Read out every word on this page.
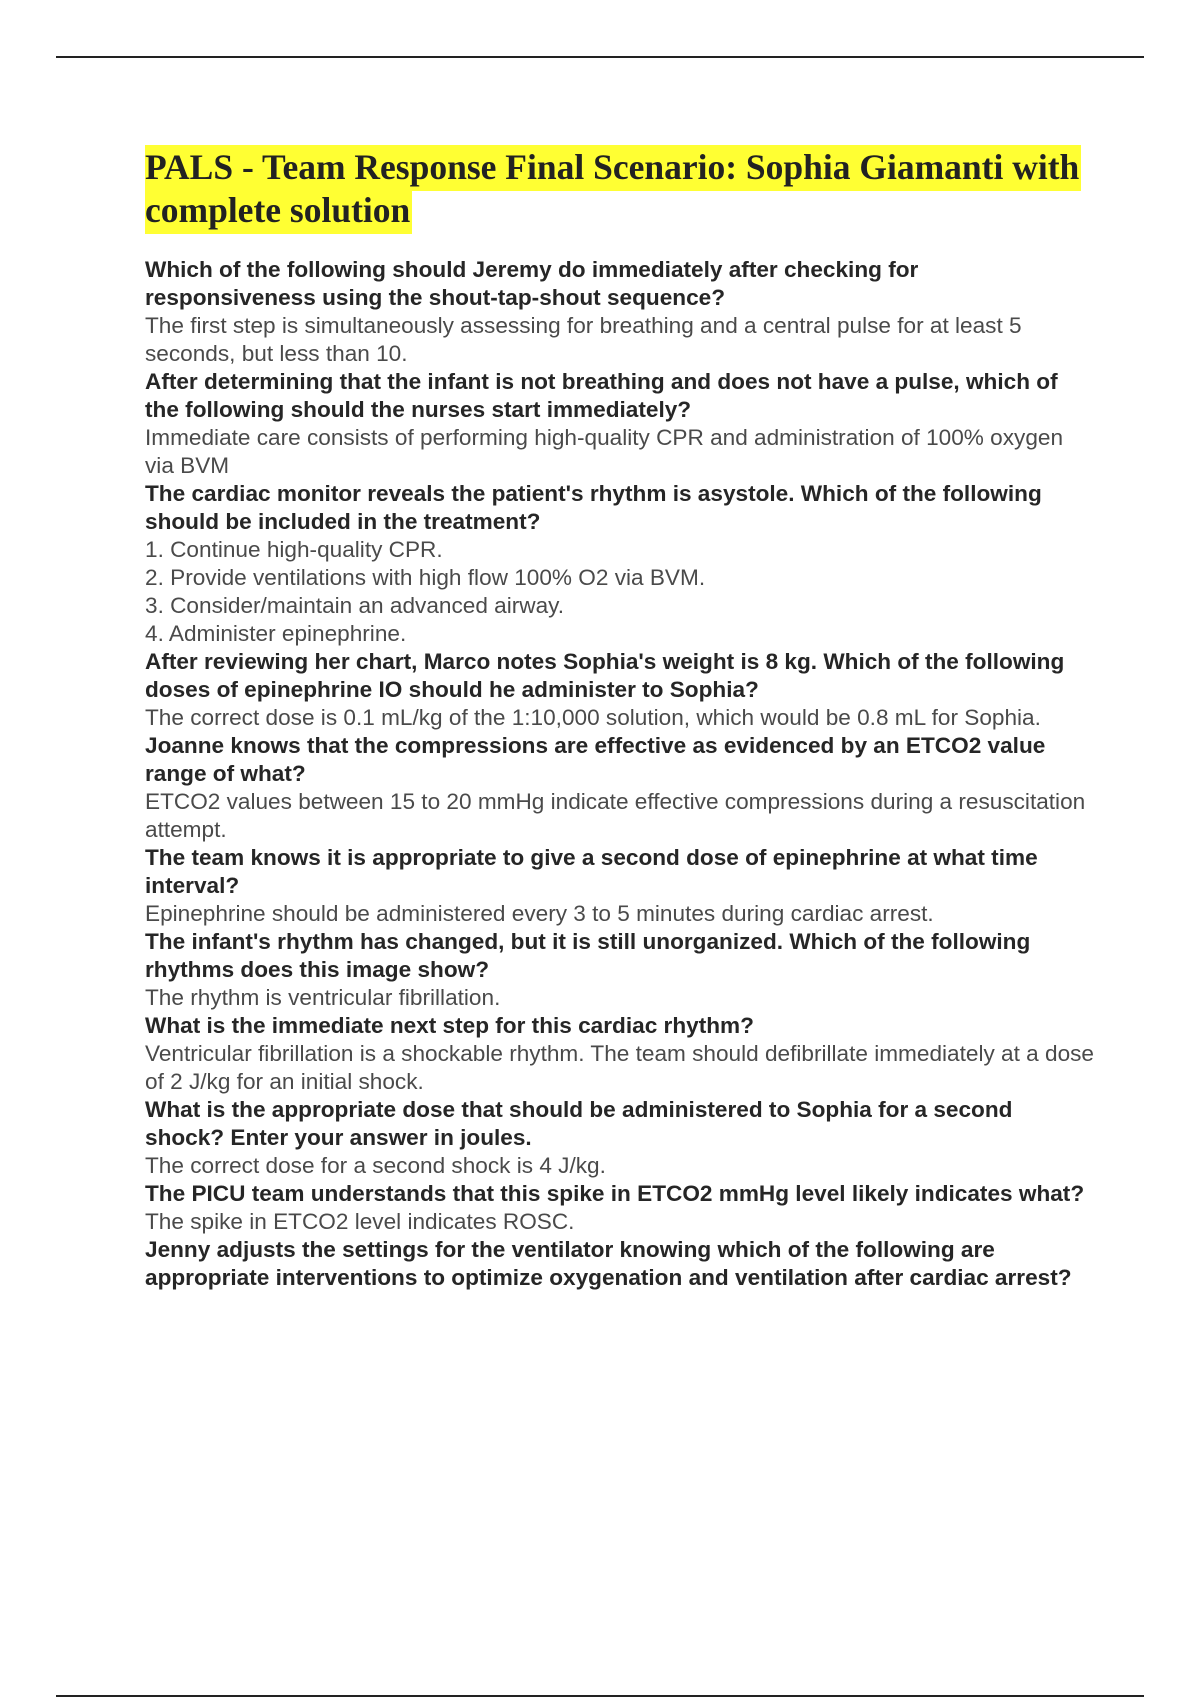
PALS - Team Response Final Scenario: Sophia Giamanti with complete solution

Which of the following should Jeremy do immediately after checking for responsiveness using the shout-tap-shout sequence?

The first step is simultaneously assessing for breathing and a central pulse for at least 5 seconds, but less than 10.

After determining that the infant is not breathing and does not have a pulse, which of the following should the nurses start immediately?

Immediate care consists of performing high-quality CPR and administration of 100% oxygen via BVM

The cardiac monitor reveals the patient's rhythm is asystole. Which of the following should be included in the treatment?

1. Continue high-quality CPR.
2. Provide ventilations with high flow 100% O2 via BVM.
3. Consider/maintain an advanced airway.
4. Administer epinephrine.

After reviewing her chart, Marco notes Sophia's weight is 8 kg. Which of the following doses of epinephrine IO should he administer to Sophia?

The correct dose is 0.1 mL/kg of the 1:10,000 solution, which would be 0.8 mL for Sophia.

Joanne knows that the compressions are effective as evidenced by an ETCO2 value range of what?

ETCO2 values between 15 to 20 mmHg indicate effective compressions during a resuscitation attempt.

The team knows it is appropriate to give a second dose of epinephrine at what time interval?

Epinephrine should be administered every 3 to 5 minutes during cardiac arrest.

The infant's rhythm has changed, but it is still unorganized. Which of the following rhythms does this image show?

The rhythm is ventricular fibrillation.

What is the immediate next step for this cardiac rhythm?

Ventricular fibrillation is a shockable rhythm. The team should defibrillate immediately at a dose of 2 J/kg for an initial shock.

What is the appropriate dose that should be administered to Sophia for a second shock? Enter your answer in joules.

The correct dose for a second shock is 4 J/kg.

The PICU team understands that this spike in ETCO2 mmHg level likely indicates what?

The spike in ETCO2 level indicates ROSC.

Jenny adjusts the settings for the ventilator knowing which of the following are appropriate interventions to optimize oxygenation and ventilation after cardiac arrest?
